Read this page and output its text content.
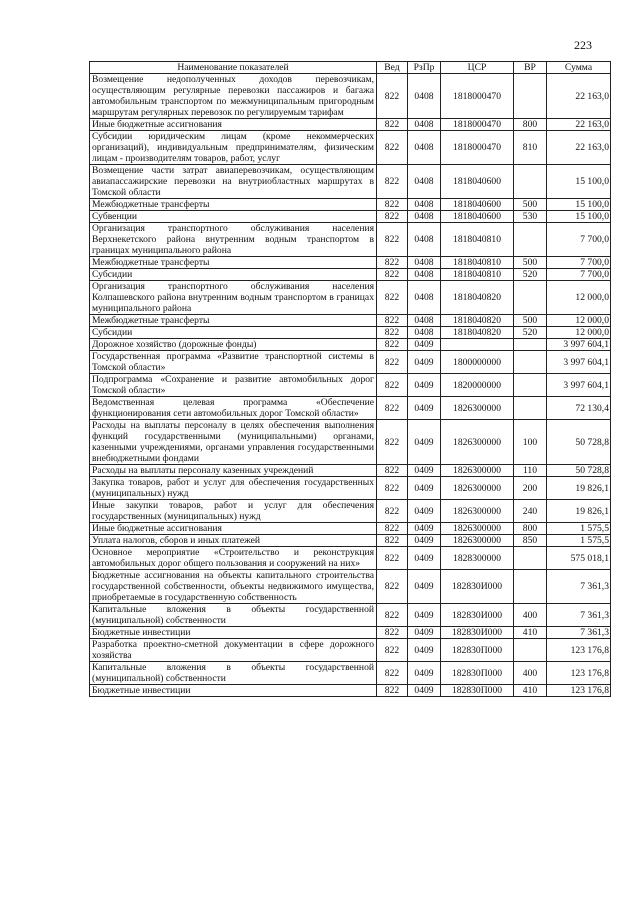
223
Наименование показателей	Вед	РзПр	ЦСР	ВР	Сумма
Возмещение недополученных доходов перевозчикам, осуществляющим регулярные перевозки пассажиров и багажа автомобильным транспортом по межмуниципальным пригородным маршрутам регулярных перевозок по регулируемым тарифам	822	0408	1818000470		22 163,0
Иные бюджетные ассигнования	822	0408	1818000470	800	22 163,0
Субсидии юридическим лицам (кроме некоммерческих организаций), индивидуальным предпринимателям, физическим лицам - производителям товаров, работ, услуг	822	0408	1818000470	810	22 163,0
Возмещение части затрат авиаперевозчикам, осуществляющим авиапассажирские перевозки на внутриобластных маршрутах в Томской области	822	0408	1818040600		15 100,0
Межбюджетные трансферты	822	0408	1818040600	500	15 100,0
Субвенции	822	0408	1818040600	530	15 100,0
Организация транспортного обслуживания населения Верхнекетского района внутренним водным транспортом в границах муниципального района	822	0408	1818040810		7 700,0
Межбюджетные трансферты	822	0408	1818040810	500	7 700,0
Субсидии	822	0408	1818040810	520	7 700,0
Организация транспортного обслуживания населения Колпашевского района внутренним водным транспортом в границах муниципального района	822	0408	1818040820		12 000,0
Межбюджетные трансферты	822	0408	1818040820	500	12 000,0
Субсидии	822	0408	1818040820	520	12 000,0
Дорожное хозяйство (дорожные фонды)	822	0409			3 997 604,1
Государственная программа «Развитие транспортной системы в Томской области»	822	0409	1800000000		3 997 604,1
Подпрограмма «Сохранение и развитие автомобильных дорог Томской области»	822	0409	1820000000		3 997 604,1
Ведомственная целевая программа «Обеспечение функционирования сети автомобильных дорог Томской области»	822	0409	1826300000		72 130,4
Расходы на выплаты персоналу в целях обеспечения выполнения функций государственными (муниципальными) органами, казенными учреждениями, органами управления государственными внебюджетными фондами	822	0409	1826300000	100	50 728,8
Расходы на выплаты персоналу казенных учреждений	822	0409	1826300000	110	50 728,8
Закупка товаров, работ и услуг для обеспечения государственных (муниципальных) нужд	822	0409	1826300000	200	19 826,1
Иные закупки товаров, работ и услуг для обеспечения государственных (муниципальных) нужд	822	0409	1826300000	240	19 826,1
Иные бюджетные ассигнования	822	0409	1826300000	800	1 575,5
Уплата налогов, сборов и иных платежей	822	0409	1826300000	850	1 575,5
Основное мероприятие «Строительство и реконструкция автомобильных дорог общего пользования и сооружений на них»	822	0409	1828300000		575 018,1
Бюджетные ассигнования на объекты капитального строительства государственной собственности, объекты недвижимого имущества, приобретаемые в государственную собственность	822	0409	182830И000		7 361,3
Капитальные вложения в объекты государственной (муниципальной) собственности	822	0409	182830И000	400	7 361,3
Бюджетные инвестиции	822	0409	182830И000	410	7 361,3
Разработка проектно-сметной документации в сфере дорожного хозяйства	822	0409	182830П000		123 176,8
Капитальные вложения в объекты государственной (муниципальной) собственности	822	0409	182830П000	400	123 176,8
Бюджетные инвестиции	822	0409	182830П000	410	123 176,8
